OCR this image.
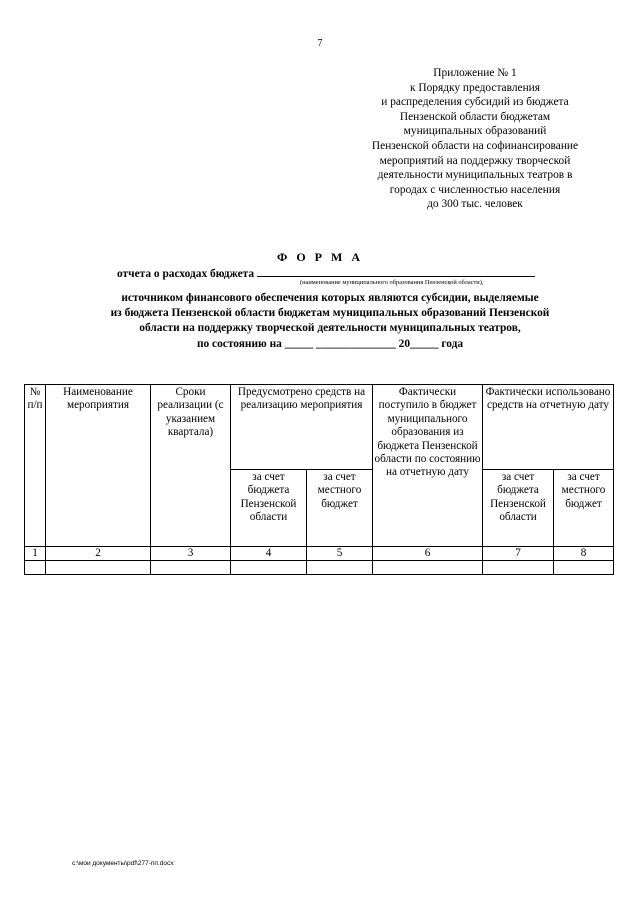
7
Приложение № 1
к Порядку предоставления
и распределения субсидий из бюджета
Пензенской области бюджетам
муниципальных образований
Пензенской области на софинансирование
мероприятий на поддержку творческой
деятельности муниципальных театров в
городах с численностью населения
до 300 тыс. человек
Ф О Р М А
отчета о расходах бюджета
(наименование муниципального образования Пензенской области),
источником финансового обеспечения которых являются субсидии, выделяемые
из бюджета Пензенской области бюджетам муниципальных образований Пензенской
области на поддержку творческой деятельности муниципальных театров,
по состоянию на _____ ______________ 20_____ года
№ п/п	Наименование мероприятия	Сроки реализации (с указанием квартала)	Предусмотрено средств на реализацию мероприятия		Фактически поступило в бюджет муниципального образования из бюджета Пензенской области по состоянию на отчетную дату	Фактически использовано средств на отчетную дату	
			за счет бюджета Пензенской области	за счет местного бюджет		за счет бюджета Пензенской области	за счет местного бюджет
1	2	3	4	5	6	7	8

c:\мои документы\pdf\277-пп.docx
